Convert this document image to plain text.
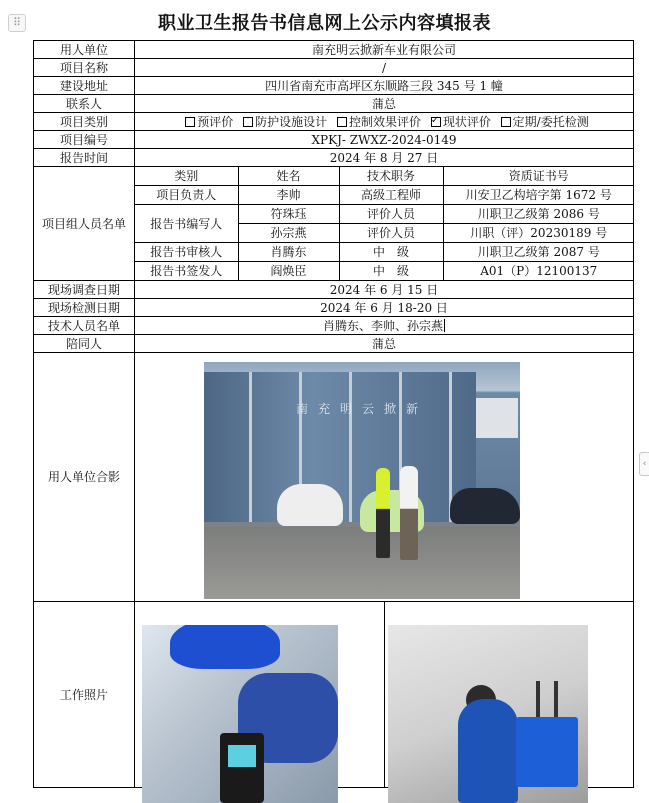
⠿
‹
职业卫生报告书信息网上公示内容填报表
用人单位	南充明云掀新车业有限公司
项目名称	/
建设地址	四川省南充市高坪区东顺路三段 345 号 1 幢
联系人	蒲总
项目类别	预评价 防护设施设计 控制效果评价 ✓ 现状评价 定期/委托检测
项目编号	XPKJ- ZWXZ-2024-0149
报告时间	2024 年 8 月 27 日
项目组人员名单	
类别	姓名	技术职务	资质证书号
项目负责人	李帅	高级工程师	川安卫乙构培字第 1672 号
报告书编写人	符珠珏	评价人员	川职卫乙级第 2086 号
孙宗燕	评价人员	川职（评）20230189 号
报告书审核人	肖腾东	中　级	川职卫乙级第 2087 号
报告书签发人	阎焕臣	中　级	A01（P）12100137

现场调查日期	2024 年 6 月 15 日
现场检测日期	2024 年 6 月 18-20 日
技术人员名单	肖腾东、李帅、孙宗燕
陪同人	蒲总
用人单位合影	
南充明云掀新

工作照片		
